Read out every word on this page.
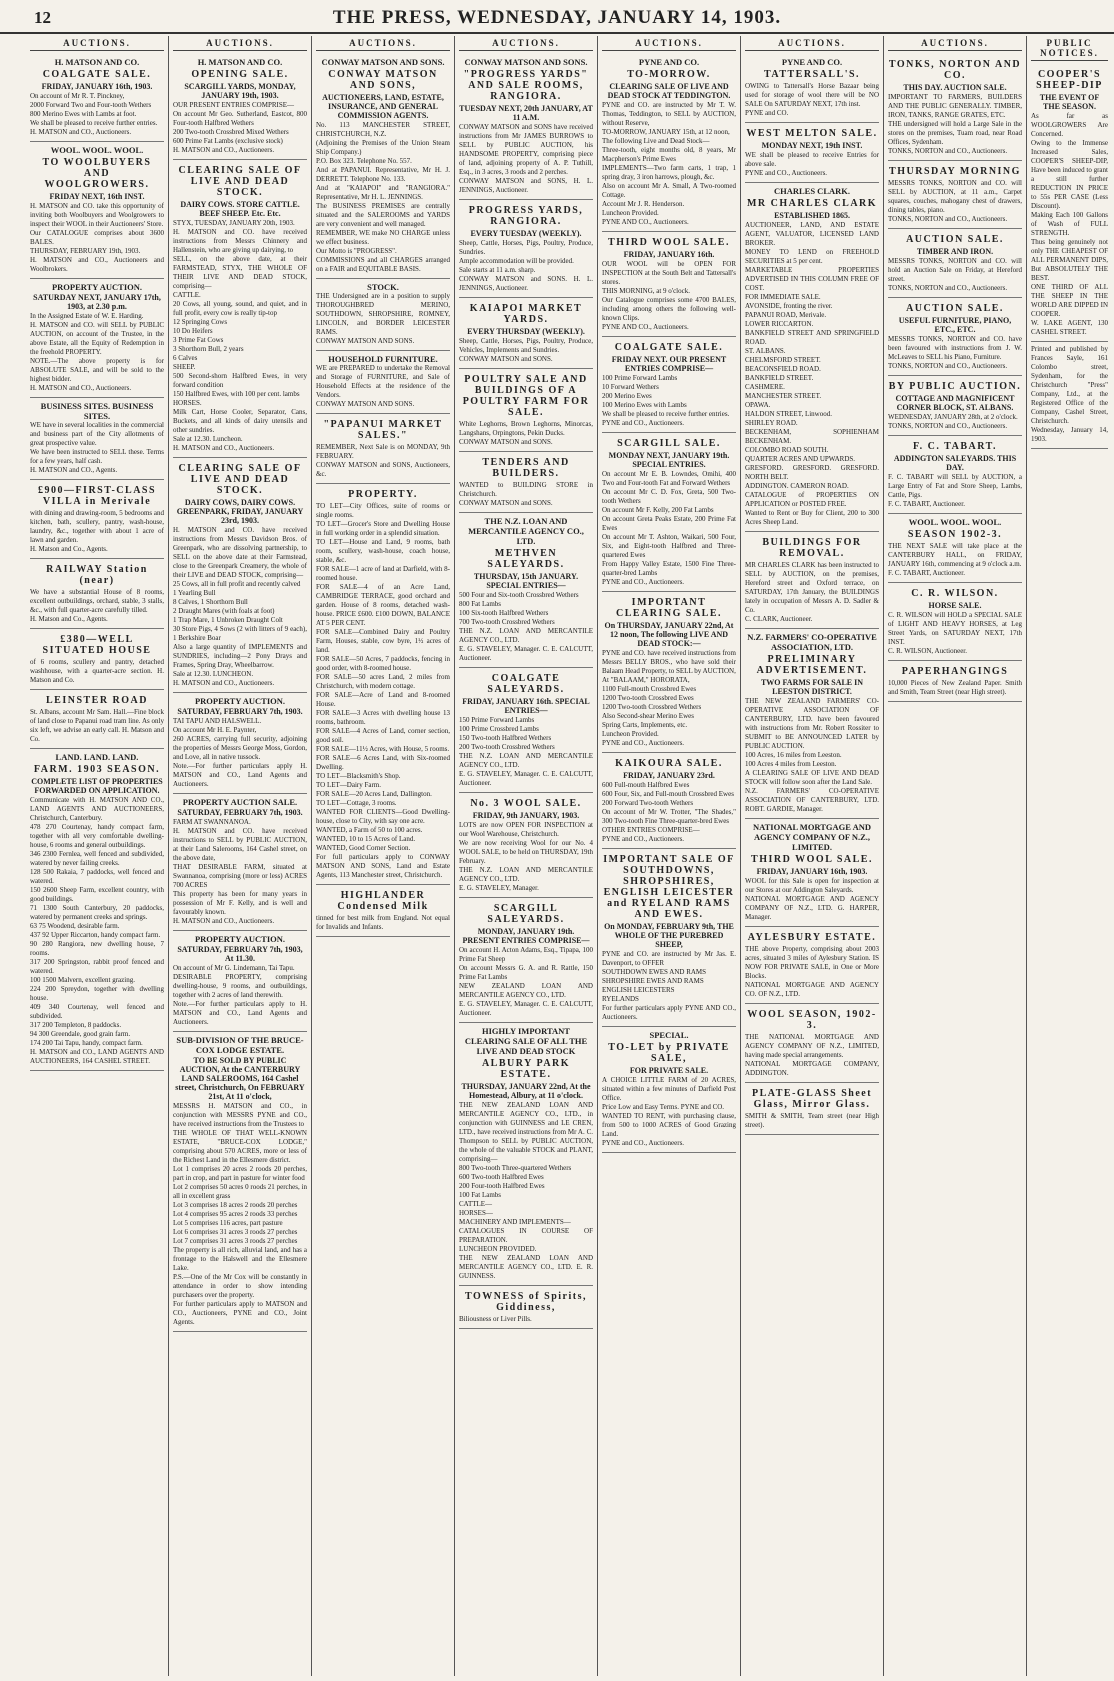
12	THE PRESS, WEDNESDAY, JANUARY 14, 1903.
AUCTIONS.
H. MATSON AND CO.
COALGATE SALE.
FRIDAY, JANUARY 16th, 1903.

On account of Mr R. T. Pinckney,

2000 Forward Two and Four-tooth Wethers

800 Merino Ewes with Lambs at foot.

We shall be pleased to receive further entries.

H. MATSON and CO., Auctioneers.

WOOL. WOOL. WOOL.
TO WOOLBUYERS AND WOOLGROWERS.
FRIDAY NEXT, 16th INST.

H. MATSON and CO. take this opportunity of inviting both Woolbuyers and Woolgrowers to inspect their WOOL in their Auctioneers' Store.

Our CATALOGUE comprises about 3600 BALES.

THURSDAY, FEBRUARY 19th, 1903.

H. MATSON and CO., Auctioneers and Woolbrokers.

PROPERTY AUCTION.
SATURDAY NEXT, JANUARY 17th, 1903, at 2.30 p.m.

In the Assigned Estate of W. E. Harding.

H. MATSON and CO. will SELL by PUBLIC AUCTION, on account of the Trustee, in the above Estate, all the Equity of Redemption in the freehold PROPERTY.

NOTE.—The above property is for ABSOLUTE SALE, and will be sold to the highest bidder.

H. MATSON and CO., Auctioneers.

BUSINESS SITES. BUSINESS SITES.

WE have in several localities in the commercial and business part of the City allotments of great prospective value.

We have been instructed to SELL these. Terms for a few years, half cash.

H. MATSON and CO., Agents.

£900—FIRST-CLASS VILLA in Merivale

with dining and drawing-room, 5 bedrooms and kitchen, bath, scullery, pantry, wash-house, laundry, &c., together with about 1 acre of lawn and garden.

H. Matson and Co., Agents.

RAILWAY Station (near)

We have a substantial House of 8 rooms, excellent outbuildings, orchard, stable, 3 stalls, &c., with full quarter-acre carefully tilled.

H. Matson and Co., Agents.

£380—WELL SITUATED HOUSE

of 6 rooms, scullery and pantry, detached washhouse, with a quarter-acre section. H. Matson and Co.

LEINSTER ROAD

St. Albans, account Mr Sam. Hall.—Fine block of land close to Papanui road tram line. As only six left, we advise an early call. H. Matson and Co.

LAND. LAND. LAND.
FARM. 1903 SEASON.
COMPLETE LIST OF PROPERTIES FORWARDED ON APPLICATION.

Communicate with H. MATSON AND CO., LAND AGENTS AND AUCTIONEERS, Christchurch, Canterbury.

478 270 Courtenay, handy compact farm, together with all very comfortable dwelling-house, 6 rooms and general outbuildings.

346 2300 Fernlea, well fenced and subdivided, watered by never failing creeks.

128 500 Rakaia, 7 paddocks, well fenced and watered.

150 2600 Sheep Farm, excellent country, with good buildings.

71 1300 South Canterbury, 20 paddocks, watered by permanent creeks and springs.

63 75 Woodend, desirable farm.

437 92 Upper Riccarton, handy compact farm.

90 280 Rangiora, new dwelling house, 7 rooms.

317 200 Springston, rabbit proof fenced and watered.

100 1500 Malvern, excellent grazing.

224 200 Spreydon, together with dwelling house.

409 340 Courtenay, well fenced and subdivided.

317 200 Templeton, 8 paddocks.

94 300 Greendale, good grain farm.

174 200 Tai Tapu, handy, compact farm.

H. MATSON and CO., LAND AGENTS AND AUCTIONEERS, 164 CASHEL STREET.

AUCTIONS.
H. MATSON AND CO.
OPENING SALE.
SCARGILL YARDS, MONDAY, JANUARY 19th, 1903.

OUR PRESENT ENTRIES COMPRISE—

On account Mr Geo. Sutherland, Eastcot, 800 Four-tooth Halfbred Wethers

200 Two-tooth Crossbred Mixed Wethers

600 Prime Fat Lambs (exclusive stock)

H. MATSON and CO., Auctioneers.

CLEARING SALE OF LIVE AND DEAD STOCK.
DAIRY COWS. STORE CATTLE. BEEF SHEEP. Etc. Etc.

STYX, TUESDAY, JANUARY 20th, 1903.

H. MATSON and CO. have received instructions from Messrs Chinnery and Hallenstein, who are giving up dairying, to

SELL, on the above date, at their FARMSTEAD, STYX, THE WHOLE OF THEIR LIVE AND DEAD STOCK, comprising—

CATTLE.

20 Cows, all young, sound, and quiet, and in full profit, every cow is really tip-top

12 Springing Cows

10 Do Heifers

3 Prime Fat Cows

3 Shorthorn Bull, 2 years

6 Calves

SHEEP.

500 Second-shorn Halfbred Ewes, in very forward condition

150 Halfbred Ewes, with 100 per cent. lambs

HORSES.

Milk Cart, Horse Cooler, Separator, Cans, Buckets, and all kinds of dairy utensils and other sundries.

Sale at 12.30. Luncheon.

H. MATSON and CO., Auctioneers.

CLEARING SALE OF LIVE AND DEAD STOCK.
DAIRY COWS, DAIRY COWS. GREENPARK, FRIDAY, JANUARY 23rd, 1903.

H. MATSON and CO. have received instructions from Messrs Davidson Bros. of Greenpark, who are dissolving partnership, to SELL on the above date at their Farmstead, close to the Greenpark Creamery, the whole of their LIVE and DEAD STOCK, comprising—

25 Cows, all in full profit and recently calved

1 Yearling Bull

8 Calves, 1 Shorthorn Bull

2 Draught Mares (with foals at foot)

1 Trap Mare, 1 Unbroken Draught Colt

30 Store Pigs, 4 Sows (2 with litters of 9 each), 1 Berkshire Boar

Also a large quantity of IMPLEMENTS and SUNDRIES, including—2 Pony Drays and Frames, Spring Dray, Wheelbarrow.

Sale at 12.30. LUNCHEON.

H. MATSON and CO., Auctioneers.

PROPERTY AUCTION.
SATURDAY, FEBRUARY 7th, 1903.

TAI TAPU AND HALSWELL.

On account Mr H. E. Paynter,

260 ACRES, carrying full security, adjoining the properties of Messrs George Moss, Gordon, and Love, all in native tussock.

Note.—For further particulars apply H. MATSON and CO., Land Agents and Auctioneers.

PROPERTY AUCTION SALE.
SATURDAY, FEBRUARY 7th, 1903.

FARM AT SWANNANOA.

H. MATSON and CO. have received instructions to SELL by PUBLIC AUCTION, at their Land Salerooms, 164 Cashel street, on the above date,

THAT DESIRABLE FARM, situated at Swannanoa, comprising (more or less) ACRES 700 ACRES

This property has been for many years in possession of Mr F. Kelly, and is well and favourably known.

H. MATSON and CO., Auctioneers.

PROPERTY AUCTION.
SATURDAY, FEBRUARY 7th, 1903, At 11.30.

On account of Mr G. Lindemann, Tai Tapu.

DESIRABLE PROPERTY, comprising dwelling-house, 9 rooms, and outbuildings, together with 2 acres of land therewith.

Note.—For further particulars apply to H. MATSON and CO., Land Agents and Auctioneers.

SUB-DIVISION OF THE BRUCE-COX LODGE ESTATE.
TO BE SOLD BY PUBLIC AUCTION, At the CANTERBURY LAND SALEROOMS, 164 Cashel street, Christchurch, On FEBRUARY 21st, At 11 o'clock,

MESSRS H. MATSON and CO., in conjunction with MESSRS PYNE and CO., have received instructions from the Trustees to

THE WHOLE OF THAT WELL-KNOWN ESTATE, "BRUCE-COX LODGE," comprising about 570 ACRES, more or less of the Richest Land in the Ellesmere district.

Lot 1 comprises 20 acres 2 roods 20 perches, part in crop, and part in pasture for winter food

Lot 2 comprises 50 acres 0 roods 21 perches, in all in excellent grass

Lot 3 comprises 18 acres 2 roods 20 perches

Lot 4 comprises 95 acres 2 roods 33 perches

Lot 5 comprises 116 acres, part pasture

Lot 6 comprises 31 acres 3 roods 27 perches

Lot 7 comprises 31 acres 3 roods 27 perches

The property is all rich, alluvial land, and has a frontage to the Halswell and the Ellesmere Lake.

P.S.—One of the Mr Cox will be constantly in attendance in order to show intending purchasers over the property.

For further particulars apply to MATSON and CO., Auctioneers, PYNE and CO., Joint Agents.

AUCTIONS.
CONWAY MATSON AND SONS.
CONWAY MATSON AND SONS,
AUCTIONEERS, LAND, ESTATE, INSURANCE, AND GENERAL COMMISSION AGENTS.

No. 113 MANCHESTER STREET, CHRISTCHURCH, N.Z.

(Adjoining the Premises of the Union Steam Ship Company.)

P.O. Box 323. Telephone No. 557.

And at PAPANUI. Representative, Mr H. J. DERRETT. Telephone No. 133.

And at "KAIAPOI" and "RANGIORA." Representative, Mr H. L. JENNINGS.

The BUSINESS PREMISES are centrally situated and the SALEROOMS and YARDS are very convenient and well managed.

REMEMBER, WE make NO CHARGE unless we effect business.

Our Motto is "PROGRESS".

COMMISSIONS and all CHARGES arranged on a FAIR and EQUITABLE BASIS.

STOCK.

THE Undersigned are in a position to supply THOROUGHBRED MERINO, SOUTHDOWN, SHROPSHIRE, ROMNEY, LINCOLN, and BORDER LEICESTER RAMS.

CONWAY MATSON AND SONS.

HOUSEHOLD FURNITURE.

WE are PREPARED to undertake the Removal and Storage of FURNITURE, and Sale of Household Effects at the residence of the Vendors.

CONWAY MATSON AND SONS.

"PAPANUI MARKET SALES."

REMEMBER, Next Sale is on MONDAY, 9th FEBRUARY.

CONWAY MATSON and SONS, Auctioneers, &c.

PROPERTY.

TO LET—City Offices, suite of rooms or single rooms.

TO LET—Grocer's Store and Dwelling House in full working order in a splendid situation.

TO LET—House and Land, 9 rooms, bath room, scullery, wash-house, coach house, stable, &c.

FOR SALE—1 acre of land at Darfield, with 8-roomed house.

FOR SALE—4 of an Acre Land, CAMBRIDGE TERRACE, good orchard and garden. House of 8 rooms, detached wash-house. PRICE £600. £100 DOWN, BALANCE AT 5 PER CENT.

FOR SALE—Combined Dairy and Poultry Farm, Houses, stable, cow byre, 1½ acres of land.

FOR SALE—50 Acres, 7 paddocks, fencing in good order, with 8-roomed house.

FOR SALE—50 acres Land, 2 miles from Christchurch, with modern cottage.

FOR SALE—Acre of Land and 8-roomed House.

FOR SALE—3 Acres with dwelling house 13 rooms, bathroom.

FOR SALE—4 Acres of Land, corner section, good soil.

FOR SALE—11½ Acres, with House, 5 rooms.

FOR SALE—6 Acres Land, with Six-roomed Dwelling.

TO LET—Blacksmith's Shop.

TO LET—Dairy Farm.

FOR SALE—20 Acres Land, Dallington.

TO LET—Cottage, 3 rooms.

WANTED FOR CLIENTS—Good Dwelling-house, close to City, with say one acre.

WANTED, a Farm of 50 to 100 acres.

WANTED, 10 to 15 Acres of Land.

WANTED, Good Corner Section.

For full particulars apply to CONWAY MATSON AND SONS, Land and Estate Agents, 113 Manchester street, Christchurch.

HIGHLANDER Condensed Milk

tinned for best milk from England. Not equal for Invalids and Infants.

AUCTIONS.
CONWAY MATSON AND SONS.
"PROGRESS YARDS" AND SALE ROOMS, RANGIORA.
TUESDAY NEXT, 20th JANUARY, AT 11 A.M.

CONWAY MATSON and SONS have received instructions from Mr JAMES BURROWS to SELL by PUBLIC AUCTION, his HANDSOME PROPERTY, comprising piece of land, adjoining property of A. P. Tuthill, Esq., in 3 acres, 3 roods and 2 perches.

CONWAY MATSON and SONS, H. L. JENNINGS, Auctioneer.

PROGRESS YARDS, RANGIORA.
EVERY TUESDAY (WEEKLY).

Sheep, Cattle, Horses, Pigs, Poultry, Produce, Sundries.

Ample accommodation will be provided.

Sale starts at 11 a.m. sharp.

CONWAY MATSON and SONS. H. L. JENNINGS, Auctioneer.

KAIAPOI MARKET YARDS.
EVERY THURSDAY (WEEKLY).

Sheep, Cattle, Horses, Pigs, Poultry, Produce, Vehicles, Implements and Sundries.

CONWAY MATSON and SONS.

POULTRY SALE AND BUILDINGS OF A POULTRY FARM FOR SALE.

White Leghorns, Brown Leghorns, Minorcas, Langshans, Orpingtons, Pekin Ducks.

CONWAY MATSON and SONS.

TENDERS AND BUILDERS.

WANTED to BUILDING STORE in Christchurch.

CONWAY MATSON and SONS.

THE N.Z. LOAN AND MERCANTILE AGENCY CO., LTD.
METHVEN SALEYARDS.
THURSDAY, 15th JANUARY. SPECIAL ENTRIES—

500 Four and Six-tooth Crossbred Wethers

800 Fat Lambs

100 Six-tooth Halfbred Wethers

700 Two-tooth Crossbred Wethers

THE N.Z. LOAN AND MERCANTILE AGENCY CO., LTD.

E. G. STAVELEY, Manager. C. E. CALCUTT, Auctioneer.

COALGATE SALEYARDS.
FRIDAY, JANUARY 16th. SPECIAL ENTRIES—

150 Prime Forward Lambs

100 Prime Crossbred Lambs

150 Two-tooth Halfbred Wethers

200 Two-tooth Crossbred Wethers

THE N.Z. LOAN AND MERCANTILE AGENCY CO., LTD.

E. G. STAVELEY, Manager. C. E. CALCUTT, Auctioneer.

No. 3 WOOL SALE.
FRIDAY, 9th JANUARY, 1903.

LOTS are now OPEN FOR INSPECTION at our Wool Warehouse, Christchurch.

We are now receiving Wool for our No. 4 WOOL SALE, to be held on THURSDAY, 19th February.

THE N.Z. LOAN AND MERCANTILE AGENCY CO., LTD.

E. G. STAVELEY, Manager.

SCARGILL SALEYARDS.
MONDAY, JANUARY 19th. PRESENT ENTRIES COMPRISE—

On account H. Acton Adams, Esq., Tipapa, 100 Prime Fat Sheep

On account Messrs G. A. and R. Rattle, 150 Prime Fat Lambs

NEW ZEALAND LOAN AND MERCANTILE AGENCY CO., LTD.

E. G. STAVELEY, Manager. C. E. CALCUTT, Auctioneer.

HIGHLY IMPORTANT CLEARING SALE OF ALL THE LIVE AND DEAD STOCK
ALBURY PARK ESTATE.
THURSDAY, JANUARY 22nd, At the Homestead, Albury, at 11 o'clock.

THE NEW ZEALAND LOAN AND MERCANTILE AGENCY CO., LTD., in conjunction with GUINNESS and LE CREN, LTD., have received instructions from Mr A. C. Thompson to SELL by PUBLIC AUCTION, the whole of the valuable STOCK and PLANT, comprising—

800 Two-tooth Three-quartered Wethers

600 Two-tooth Halfbred Ewes

200 Four-tooth Halfbred Ewes

100 Fat Lambs

CATTLE—

HORSES—

MACHINERY AND IMPLEMENTS—

CATALOGUES IN COURSE OF PREPARATION.

LUNCHEON PROVIDED.

THE NEW ZEALAND LOAN AND MERCANTILE AGENCY CO., LTD. E. R. GUINNESS.

TOWNESS of Spirits, Giddiness,

Biliousness or Liver Pills.

AUCTIONS.
PYNE AND CO.
TO-MORROW.
CLEARING SALE OF LIVE AND DEAD STOCK AT TEDDINGTON.

PYNE and CO. are instructed by Mr T. W. Thomas, Teddington, to SELL by AUCTION, without Reserve,

TO-MORROW, JANUARY 15th, at 12 noon,

The following Live and Dead Stock—

Three-tooth, eight months old, 8 years, Mr Macpherson's Prime Ewes

IMPLEMENTS—Two farm carts, 1 trap, 1 spring dray, 3 iron harrows, plough, &c.

Also on account Mr A. Small, A Two-roomed Cottage.

Account Mr J. R. Henderson.

Luncheon Provided.

PYNE AND CO., Auctioneers.

THIRD WOOL SALE.
FRIDAY, JANUARY 16th.

OUR WOOL will be OPEN FOR INSPECTION at the South Belt and Tattersall's stores.

THIS MORNING, at 9 o'clock.

Our Catalogue comprises some 4700 BALES, including among others the following well-known Clips.

PYNE AND CO., Auctioneers.

COALGATE SALE.
FRIDAY NEXT. OUR PRESENT ENTRIES COMPRISE—

100 Prime Forward Lambs

10 Forward Wethers

200 Merino Ewes

100 Merino Ewes with Lambs

We shall be pleased to receive further entries.

PYNE and CO., Auctioneers.

SCARGILL SALE.
MONDAY NEXT, JANUARY 19th. SPECIAL ENTRIES.

On account Mr E. B. Lowndes, Omihi, 400 Two and Four-tooth Fat and Forward Wethers

On account Mr C. D. Fox, Greta, 500 Two-tooth Wethers

On account Mr F. Kelly, 200 Fat Lambs

On account Greta Peaks Estate, 200 Prime Fat Ewes

On account Mr T. Ashton, Waikari, 500 Four, Six, and Eight-tooth Halfbred and Three-quartered Ewes

From Happy Valley Estate, 1500 Fine Three-quarter-bred Lambs

PYNE and CO., Auctioneers.

IMPORTANT CLEARING SALE.
On THURSDAY, JANUARY 22nd, At 12 noon, The following LIVE AND DEAD STOCK:—

PYNE and CO. have received instructions from Messrs BELLY BROS., who have sold their Balaam Head Property, to SELL by AUCTION,

At "BALAAM," HORORATA,

1100 Full-mouth Crossbred Ewes

1200 Two-tooth Crossbred Ewes

1200 Two-tooth Crossbred Wethers

Also Second-shear Merino Ewes

Spring Carts, Implements, etc.

Luncheon Provided.

PYNE and CO., Auctioneers.

KAIKOURA SALE.
FRIDAY, JANUARY 23rd.

600 Full-mouth Halfbred Ewes

600 Four, Six, and Full-mouth Crossbred Ewes

200 Forward Two-tooth Wethers

On account of Mr W. Trotter, "The Shades," 300 Two-tooth Fine Three-quarter-bred Ewes

OTHER ENTRIES COMPRISE—

PYNE and CO., Auctioneers.

IMPORTANT SALE OF SOUTHDOWNS, SHROPSHIRES, ENGLISH LEICESTER and RYELAND RAMS AND EWES.
On MONDAY, FEBRUARY 9th, THE WHOLE OF THE PUREBRED SHEEP,

PYNE and CO. are instructed by Mr Jas. E. Davenport, to OFFER

SOUTHDOWN EWES AND RAMS

SHROPSHIRE EWES AND RAMS

ENGLISH LEICESTERS

RYELANDS

For further particulars apply PYNE AND CO., Auctioneers.

SPECIAL.
TO-LET by PRIVATE SALE,
FOR PRIVATE SALE.

A CHOICE LITTLE FARM of 20 ACRES, situated within a few minutes of Darfield Post Office.

Price Low and Easy Terms. PYNE and CO.

WANTED TO RENT, with purchasing clause, from 500 to 1000 ACRES of Good Grazing Land.

PYNE and CO., Auctioneers.

AUCTIONS.
PYNE AND CO.
TATTERSALL'S.

OWING to Tattersall's Horse Bazaar being used for storage of wool there will be NO SALE On SATURDAY NEXT, 17th inst.

PYNE and CO.

WEST MELTON SALE.
MONDAY NEXT, 19th INST.

WE shall be pleased to receive Entries for above sale.

PYNE and CO., Auctioneers.

CHARLES CLARK.
MR CHARLES CLARK
ESTABLISHED 1865.

AUCTIONEER, LAND, AND ESTATE AGENT, VALUATOR, LICENSED LAND BROKER.

MONEY TO LEND on FREEHOLD SECURITIES at 5 per cent.

MARKETABLE PROPERTIES ADVERTISED IN THIS COLUMN FREE OF COST.

FOR IMMEDIATE SALE.

AVONSIDE, fronting the river.

PAPANUI ROAD, Merivale.

LOWER RICCARTON.

BANKFIELD STREET AND SPRINGFIELD ROAD.

ST. ALBANS.

CHELMSFORD STREET.

BEACONSFIELD ROAD.

BANKFIELD STREET.

CASHMERE.

MANCHESTER STREET.

OPAWA.

HALDON STREET, Linwood.

SHIRLEY ROAD.

BECKENHAM, SOPHIENHAM BECKENHAM.

COLOMBO ROAD SOUTH.

QUARTER ACRES AND UPWARDS.

GRESFORD. GRESFORD. GRESFORD. NORTH BELT.

ADDINGTON. CAMERON ROAD.

CATALOGUE of PROPERTIES ON APPLICATION or POSTED FREE.

Wanted to Rent or Buy for Client, 200 to 300 Acres Sheep Land.

BUILDINGS FOR REMOVAL.

MR CHARLES CLARK has been instructed to SELL by AUCTION, on the premises, Hereford street and Oxford terrace, on SATURDAY, 17th January, the BUILDINGS lately in occupation of Messrs A. D. Sadler & Co.

C. CLARK, Auctioneer.

N.Z. FARMERS' CO-OPERATIVE ASSOCIATION, LTD.
PRELIMINARY ADVERTISEMENT.
TWO FARMS FOR SALE IN LEESTON DISTRICT.

THE NEW ZEALAND FARMERS' CO-OPERATIVE ASSOCIATION OF CANTERBURY, LTD. have been favoured with instructions from Mr. Robert Rossiter to SUBMIT to BE ANNOUNCED LATER by PUBLIC AUCTION.

100 Acres, 16 miles from Leeston.

100 Acres 4 miles from Leeston.

A CLEARING SALE OF LIVE AND DEAD STOCK will follow soon after the Land Sale.

N.Z. FARMERS' CO-OPERATIVE ASSOCIATION OF CANTERBURY, LTD. ROBT. GARDIE, Manager.

NATIONAL MORTGAGE AND AGENCY COMPANY OF N.Z., LIMITED.
THIRD WOOL SALE.
FRIDAY, JANUARY 16th, 1903.

WOOL for this Sale is open for inspection at our Stores at our Addington Saleyards.

NATIONAL MORTGAGE AND AGENCY COMPANY OF N.Z., LTD. G. HARPER, Manager.

AYLESBURY ESTATE.

THE above Property, comprising about 2003 acres, situated 3 miles of Aylesbury Station. IS NOW FOR PRIVATE SALE, in One or More Blocks.

NATIONAL MORTGAGE AND AGENCY CO. OF N.Z., LTD.

WOOL SEASON, 1902-3.

THE NATIONAL MORTGAGE AND AGENCY COMPANY OF N.Z., LIMITED, having made special arrangements.

NATIONAL MORTGAGE COMPANY, ADDINGTON.

PLATE-GLASS Sheet Glass, Mirror Glass.

SMITH & SMITH, Team street (near High street).

AUCTIONS.
TONKS, NORTON AND CO.
THIS DAY. AUCTION SALE.

IMPORTANT TO FARMERS, BUILDERS AND THE PUBLIC GENERALLY. TIMBER, IRON, TANKS, RANGE GRATES, ETC.

THE undersigned will hold a Large Sale in the stores on the premises, Tuam road, near Road Offices, Sydenham.

TONKS, NORTON and CO., Auctioneers.

THURSDAY MORNING

MESSRS TONKS, NORTON and CO. will SELL by AUCTION, at 11 a.m., Carpet squares, couches, mahogany chest of drawers, dining tables, piano.

TONKS, NORTON and CO., Auctioneers.

AUCTION SALE.
TIMBER AND IRON.

MESSRS TONKS, NORTON and CO. will hold an Auction Sale on Friday, at Hereford street.

TONKS, NORTON and CO., Auctioneers.

AUCTION SALE.
USEFUL FURNITURE, PIANO, ETC., ETC.

MESSRS TONKS, NORTON and CO. have been favoured with instructions from J. W. McLeaves to SELL his Piano, Furniture.

TONKS, NORTON and CO., Auctioneers.

BY PUBLIC AUCTION.
COTTAGE AND MAGNIFICENT CORNER BLOCK, ST. ALBANS.

WEDNESDAY, JANUARY 28th, at 2 o'clock.

TONKS, NORTON and CO., Auctioneers.

F. C. TABART.
ADDINGTON SALEYARDS. THIS DAY.

F. C. TABART will SELL by AUCTION, a Large Entry of Fat and Store Sheep, Lambs, Cattle, Pigs.

F. C. TABART, Auctioneer.

WOOL. WOOL. WOOL.
SEASON 1902-3.

THE NEXT SALE will take place at the CANTERBURY HALL, on FRIDAY, JANUARY 16th, commencing at 9 o'clock a.m.

F. C. TABART, Auctioneer.

C. R. WILSON.
HORSE SALE.

C. R. WILSON will HOLD a SPECIAL SALE of LIGHT AND HEAVY HORSES, at Leg Street Yards, on SATURDAY NEXT, 17th INST.

C. R. WILSON, Auctioneer.

PAPERHANGINGS

10,000 Pieces of New Zealand Paper. Smith and Smith, Team Street (near High street).

PUBLIC NOTICES.
COOPER'S SHEEP-DIP
THE EVENT OF THE SEASON.

As far as WOOLGROWERS Are Concerned.

Owing to the Immense Increased Sales, COOPER'S SHEEP-DIP, Have been induced to grant a still further REDUCTION IN PRICE to 55s PER CASE (Less Discount).

Making Each 100 Gallons of Wash of FULL STRENGTH.

Thus being genuinely not only THE CHEAPEST OF ALL PERMANENT DIPS, But ABSOLUTELY THE BEST.

ONE THIRD OF ALL THE SHEEP IN THE WORLD ARE DIPPED IN COOPER.

W. LAKE AGENT, 130 CASHEL STREET.

Printed and published by Frances Sayle, 161 Colombo street, Sydenham, for the Christchurch "Press" Company, Ltd., at the Registered Office of the Company, Cashel Street, Christchurch.

Wednesday, January 14, 1903.
